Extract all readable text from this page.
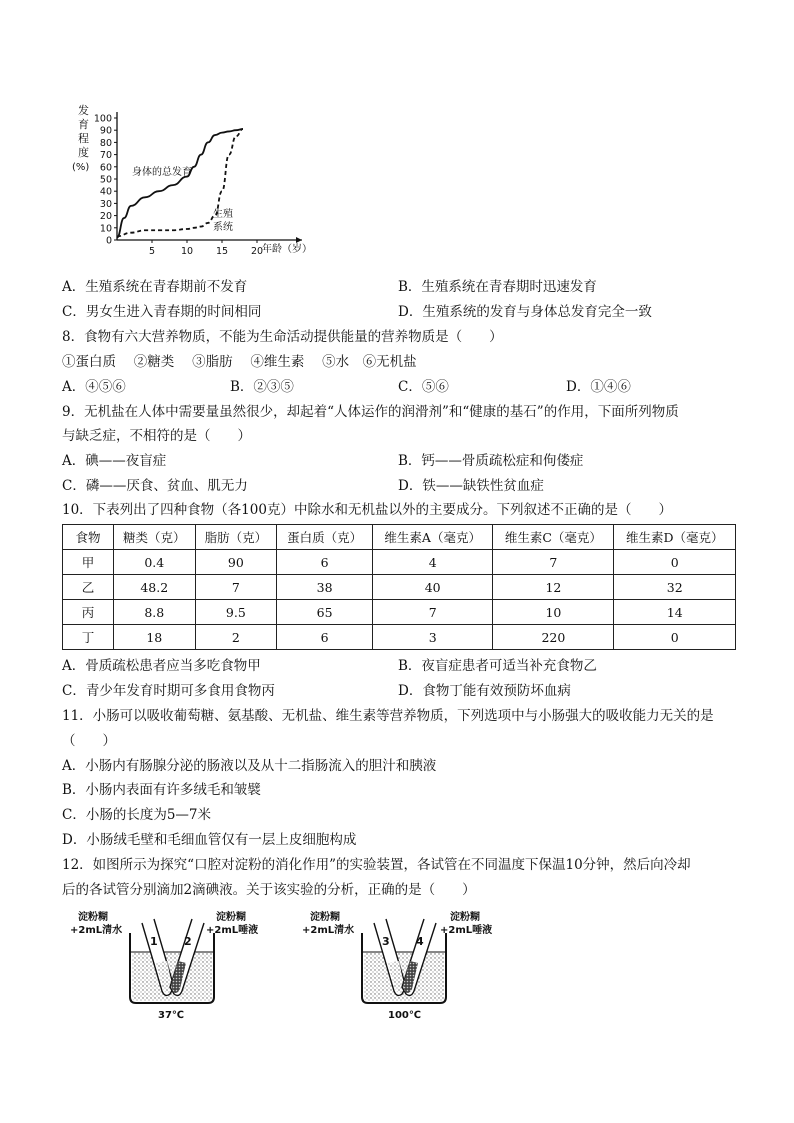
0
10
20
30
40
50
60
70
80
90
100
5	10 15 20
发
育
程
度
(%)
年龄（岁）
身体的总发育
生殖
系统
A．生殖系统在青春期前不发育	B．生殖系统在青春期时迅速发育
C．男女生进入青春期的时间相同	D．生殖系统的发育与身体总发育完全一致
8．食物有六大营养物质，不能为生命活动提供能量的营养物质是（　　）
①蛋白质　 ②糖类　 ③脂肪　 ④维生素　 ⑤水　⑥无机盐
A．④⑤⑥	B．②③⑤	C．⑤⑥	D．①④⑥
9．无机盐在人体中需要量虽然很少，却起着“人体运作的润滑剂”和“健康的基石”的作用，下面所列物质
与缺乏症，不相符的是（　　）
A．碘——夜盲症	B．钙——骨质疏松症和佝偻症
C．磷——厌食、贫血、肌无力	D．铁——缺铁性贫血症
10．下表列出了四种食物（各100克）中除水和无机盐以外的主要成分。下列叙述不正确的是（　　）
食物	糖类（克）	脂肪（克）	蛋白质（克）	维生素A（毫克）	维生素C（毫克）	维生素D（毫克）
甲	0.4	90	6	4	7	0
乙	48.2	7	38	40	12	32
丙	8.8	9.5	65	7	10	14
丁	18	2	6	3	220	0
A．骨质疏松患者应当多吃食物甲	B．夜盲症患者可适当补充食物乙
C．青少年发育时期可多食用食物丙	D．食物丁能有效预防坏血病
11．小肠可以吸收葡萄糖、氨基酸、无机盐、维生素等营养物质，下列选项中与小肠强大的吸收能力无关的是
（　　）
A．小肠内有肠腺分泌的肠液以及从十二指肠流入的胆汁和胰液
B．小肠内表面有许多绒毛和皱襞
C．小肠的长度为5—7米
D．小肠绒毛壁和毛细血管仅有一层上皮细胞构成
12．如图所示为探究“口腔对淀粉的消化作用”的实验装置，各试管在不同温度下保温10分钟，然后向冷却
后的各试管分别滴加2滴碘液。关于该实验的分析，正确的是（　　）
1 2
淀粉糊
+2mL清水
淀粉糊
+2mL唾液
37℃
3 4
淀粉糊
+2mL清水
淀粉糊
+2mL唾液
100℃
